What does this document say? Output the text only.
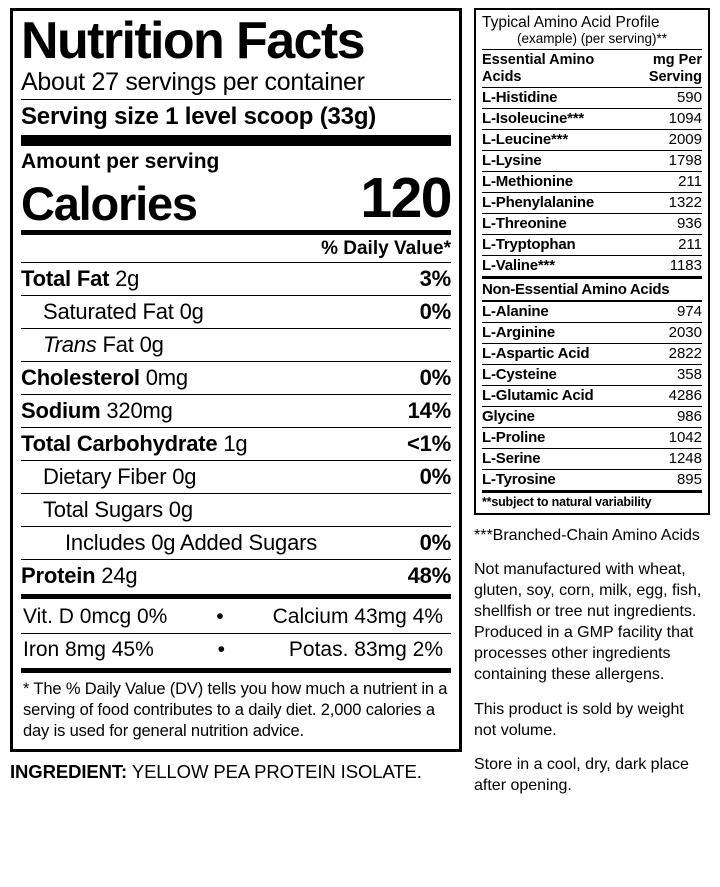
Nutrition Facts
About 27 servings per container
Serving size 1 level scoop (33g)
Amount per serving
Calories	120
% Daily Value*
Total Fat 2g	3%
Saturated Fat 0g	0%
Trans Fat 0g
Cholesterol 0mg	0%
Sodium 320mg	14%
Total Carbohydrate 1g	<1%
Dietary Fiber 0g	0%
Total Sugars 0g
Includes 0g Added Sugars	0%
Protein 24g	48%
Vit. D 0mcg 0%	•	Calcium 43mg 4%
Iron 8mg 45%	•	Potas. 83mg 2%
* The % Daily Value (DV) tells you how much a nutrient in a serving of food contributes to a daily diet. 2,000 calories a day is used for general nutrition advice.
INGREDIENT: YELLOW PEA PROTEIN ISOLATE.
Typical Amino Acid Profile
(example) (per serving)**
Essential Amino Acids
mg Per Serving
L-Histidine	590
L-Isoleucine***	1094
L-Leucine***	2009
L-Lysine	1798
L-Methionine	211
L-Phenylalanine	1322
L-Threonine	936
L-Tryptophan	211
L-Valine***	1183
Non-Essential Amino Acids
L-Alanine	974
L-Arginine	2030
L-Aspartic Acid	2822
L-Cysteine	358
L-Glutamic Acid	4286
Glycine	986
L-Proline	1042
L-Serine	1248
L-Tyrosine	895
**subject to natural variability

***Branched-Chain Amino Acids

Not manufactured with wheat, gluten, soy, corn, milk, egg, fish, shellfish or tree nut ingredients. Produced in a GMP facility that processes other ingredients containing these allergens.

This product is sold by weight not volume.

Store in a cool, dry, dark place after opening.
